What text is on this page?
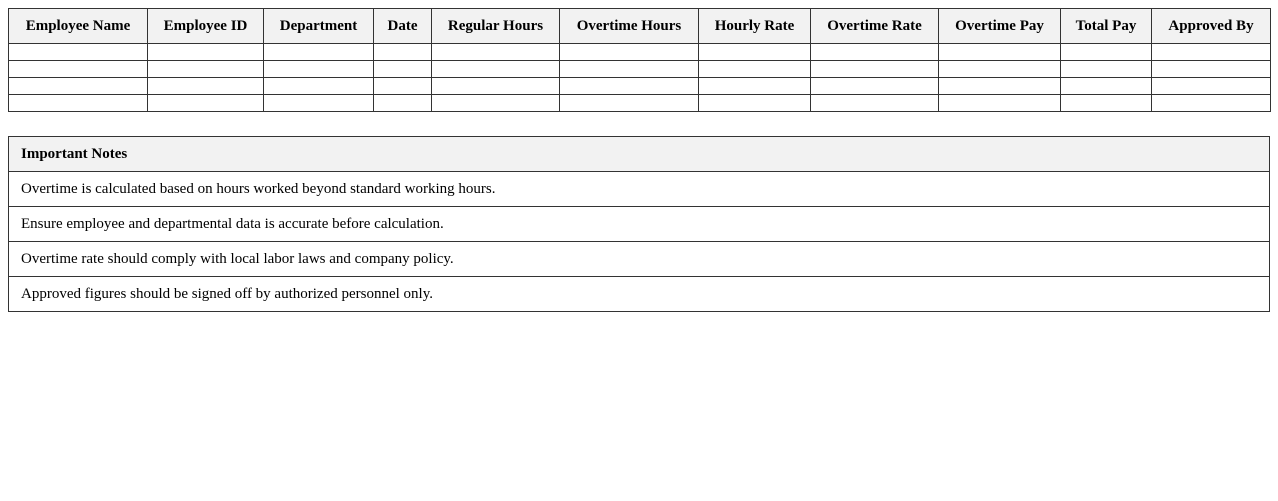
Employee Name	Employee ID	Department	Date	Regular Hours	Overtime Hours	Hourly Rate	Overtime Rate	Overtime Pay	Total Pay	Approved By

Important Notes
Overtime is calculated based on hours worked beyond standard working hours.
Ensure employee and departmental data is accurate before calculation.
Overtime rate should comply with local labor laws and company policy.
Approved figures should be signed off by authorized personnel only.
